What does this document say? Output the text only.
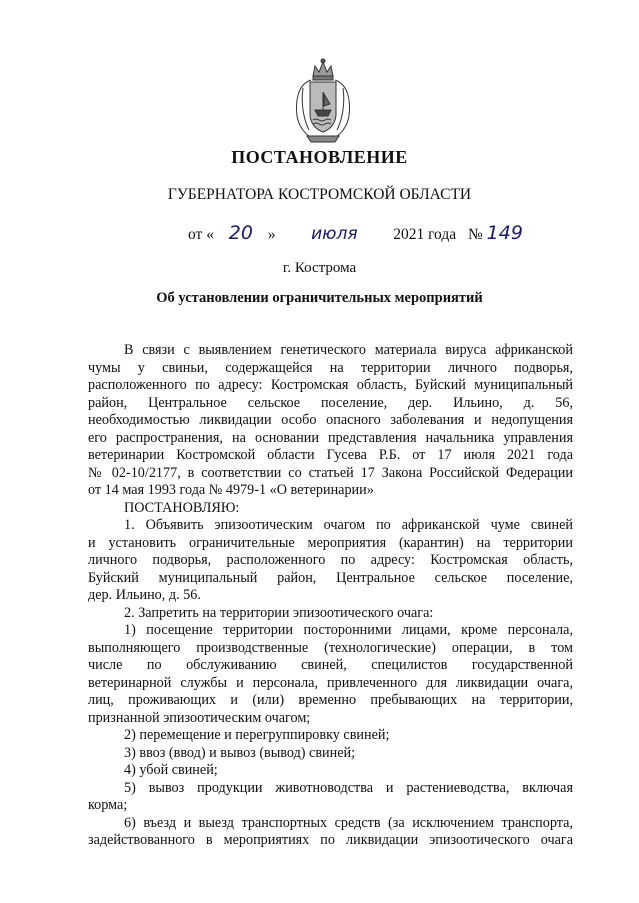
ПОСТАНОВЛЕНИЕ
ГУБЕРНАТОРА КОСТРОМСКОЙ ОБЛАСТИ
от « 20 » июля 2021 года № 149
г. Кострома
Об установлении ограничительных мероприятий

В связи с выявлением генетического материала вируса африканской

чумы у свиньи, содержащейся на территории личного подворья,

расположенного по адресу: Костромская область, Буйский муниципальный

район, Центральное сельское поселение, дер. Ильино, д. 56,

необходимостью ликвидации особо опасного заболевания и недопущения

его распространения, на основании представления начальника управления

ветеринарии Костромской области Гусева Р.Б. от 17 июля 2021 года

№ 02-10/2177, в соответствии со статьей 17 Закона Российской Федерации

от 14 мая 1993 года № 4979-1 «О ветеринарии»

ПОСТАНОВЛЯЮ:

1. Объявить эпизоотическим очагом по африканской чуме свиней

и установить ограничительные мероприятия (карантин) на территории

личного подворья, расположенного по адресу: Костромская область,

Буйский муниципальный район, Центральное сельское поселение,

дер. Ильино, д. 56.

2. Запретить на территории эпизоотического очага:

1) посещение территории посторонними лицами, кроме персонала,

выполняющего производственные (технологические) операции, в том

числе по обслуживанию свиней, специлистов государственной

ветеринарной службы и персонала, привлеченного для ликвидации очага,

лиц, проживающих и (или) временно пребывающих на территории,

признанной эпизоотическим очагом;

2) перемещение и перегруппировку свиней;

3) ввоз (ввод) и вывоз (вывод) свиней;

4) убой свиней;

5) вывоз продукции животноводства и растениеводства, включая

корма;

6) въезд и выезд транспортных средств (за исключением транспорта,

задействованного в мероприятиях по ликвидации эпизоотического очага
